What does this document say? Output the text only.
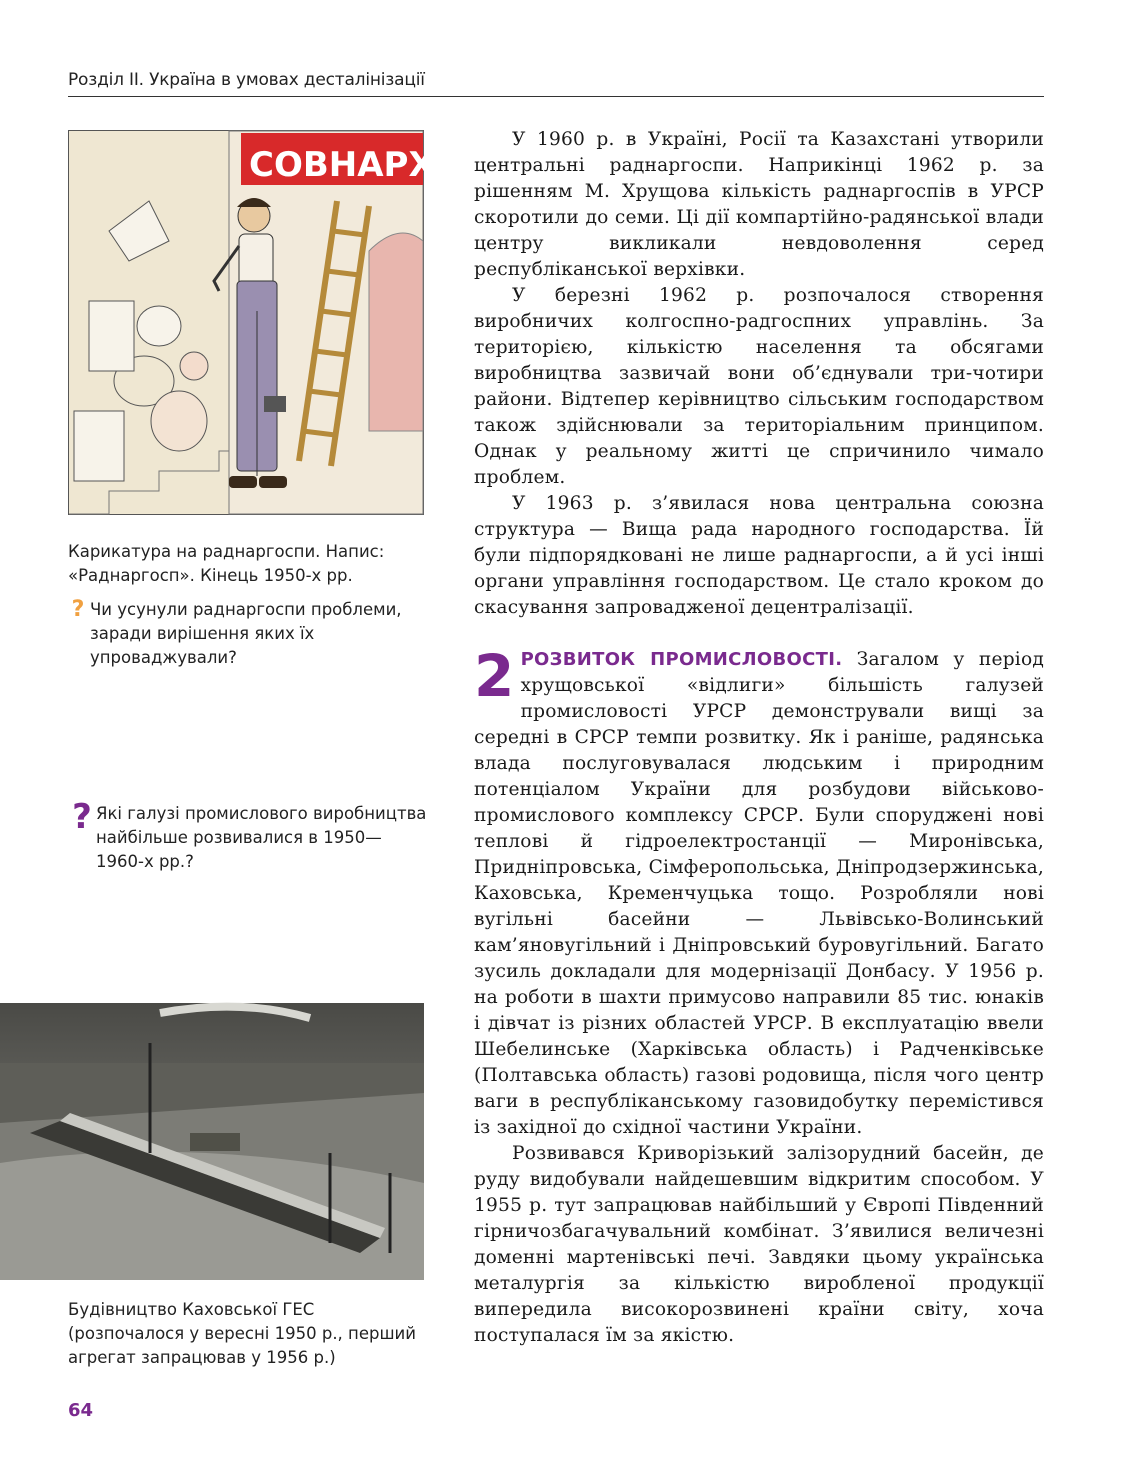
Розділ ІІ. Україна в умовах десталінізації
СОВНАРХОЗ
Карикатура на раднаргоспи. Напис: «Раднаргосп». Кінець 1950-х рр.
? Чи усунули раднаргоспи проблеми, заради вирішення яких їх упроваджували?
? Які галузі промислового виробництва найбільше розвивалися в 1950—1960-х рр.?
Будівництво Каховської ГЕС (розпочалося у вересні 1950 р., перший агрегат запрацював у 1956 р.)

У 1960 р. в Україні, Росії та Казахстані утворили центральні раднаргоспи. Наприкінці 1962 р. за рішенням М. Хрущова кількість раднаргоспів в УРСР скоротили до семи. Ці дії компартійно-радянської влади центру викликали невдоволення серед республіканської верхівки.

У березні 1962 р. розпочалося створення виробничих колгоспно-радгоспних управлінь. За територією, кількістю населення та обсягами виробництва зазвичай вони об’єднували три-чотири райони. Відтепер керівництво сільським господарством також здійснювали за територіальним принципом. Однак у реальному житті це спричинило чимало проблем.

У 1963 р. з’явилася нова центральна союзна структура — Вища рада народного господарства. Їй були підпорядковані не лише раднаргоспи, а й усі інші органи управління господарством. Це стало кроком до скасування запровадженої децентралізації.

2 РОЗВИТОК ПРОМИСЛОВОСТІ. Загалом у період хрущовської «відлиги» більшість галузей промисловості УРСР демонстрували вищі за середні в СРСР темпи розвитку. Як і раніше, радянська влада послуговувалася людським і природним потенціалом України для розбудови військово-промислового комплексу СРСР. Були споруджені нові теплові й гідроелектростанції — Миронівська, Придніпровська, Сімферопольська, Дніпродзержинська, Каховська, Кременчуцька тощо. Розробляли нові вугільні басейни — Львівсько-Волинський кам’яновугільний і Дніпровський буровугільний. Багато зусиль докладали для модернізації Донбасу. У 1956 р. на роботи в шахти примусово направили 85 тис. юнаків і дівчат із різних областей УРСР. В експлуатацію ввели Шебелинське (Харківська область) і Радченківське (Полтавська область) газові родовища, після чого центр ваги в республіканському газовидобутку перемістився із західної до східної частини України.

Розвивався Криворізький залізорудний басейн, де руду видобували найдешевшим відкритим способом. У 1955 р. тут запрацював найбільший у Європі Південний гірничозбагачувальний комбінат. З’явилися величезні доменні мартенівські печі. Завдяки цьому українська металургія за кількістю виробленої продукції випередила високорозвинені країни світу, хоча поступалася їм за якістю.

64
